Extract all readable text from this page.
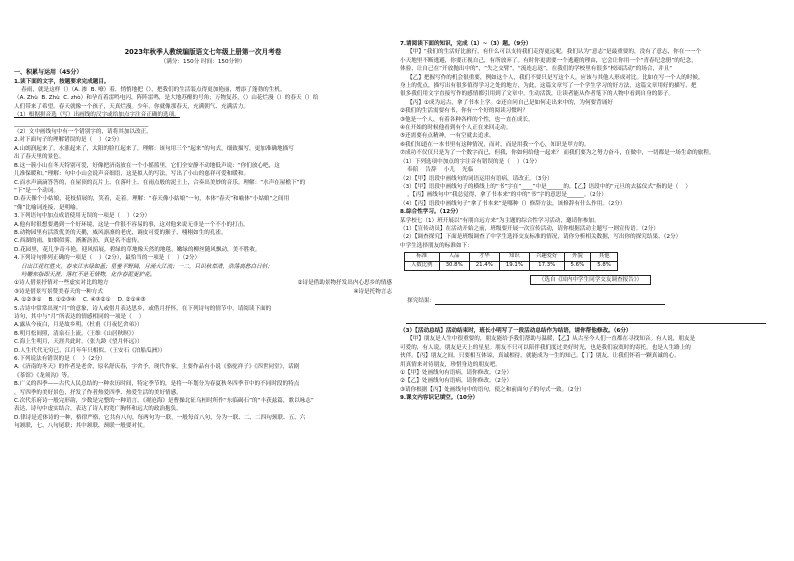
2023年秋季人教统编版语文七年级上册第一次月考卷
（满分：150分 时间：150分钟）
一、积累与运用（45分）
1.读下面的文字，按题要求完成题目。
春雨，就是这样（）（A. 渗  B. 嘹）着，悄悄地把（），把我们的生活装点得更加艳丽，增添了蓬勃的生机。
（A. Zhù  B. Zhù  C. zhò）和孕育着雷鸣电闪，阵阵雷鸣，是大地苏醒的号角；万物复苏，（）山花烂漫（）的春天（）给
人们带来了希望。春天就像一个孩子，天真烂漫。少年，你就像那春天，充满朝气、充满活力。
（1）根据拼音选（写）出画线的汉字或给加点字注音正确的选项。
________________________________________________
（2）文中画线句中有一个错别字的，请将其加以改正。
2.对下面句子的理解错误的是（    ）（2分）
A.山朗润起来了，水涨起来了，太阳的脸红起来了，理解：该句用三个“起来”的句式，细致描写，更加准确地描写
出了春天里的景色。
B.这一簇小山在冬天特别可爱，好像把济南放在一个小摇篮里，它们全安静不动地低声说：“你们放心吧，这
儿准保暖和。”理解：句中小山会说声音细语，这是拟人的写法，写出了小山的慈祥可爱和暖和。
C.而水声滴滴答答的，在屋顶的瓦片上、在落叶上、在雨点般的泥土上，合奏出美妙的音乐。理解：“水声在屋檐下”的
“下”是一个动词。
D.春天像个小姑娘，花枝招展的，笑着，走着。理解：“春天像小姑娘”一句，本体“春天”和喻体“小姑娘”之间用
“像”比喻词连接，是明喻。
3.下列语句中加点成语使用无误的一项是（    ）（2分）
A.他有时很想要遇到一个好环境，这是一件很不容易的事，这对他来说无非是一个不小的打击。
B.动物园里有活泼优美的天鹅，威风凛凛的老虎，调皮可爱的猴子，栩栩如生的孔雀。
C.西湖的雨，如烟似雾，淅淅沥沥，真是名不虚传。
D.花园里，花儿争奇斗艳，迎风招展，碧绿的草地像天然的地毯，嫩绿的柳丝随风飘动，美不胜收。
4.下列诗句排列正确的一项是（    ）（2分），最恰当的一项是（    ）（2分）
日出江花红胜火，春来江水绿如蓝；星垂平野阔，月涌大江流；一二，只识秋草清，浩荡离愁白日斜；
吟鞭东指即天涯，落红不是无情物，化作春泥更护花。
①诗人借景抒情对一些虚实对比的地方	②诗是借助景物抒发出内心思乡的情感
③诗是借景写景赞美春天的一种方式	④诗是托物言志
A. ①②③①    B. ①②③④    C. ④③②①    D. ②①④③
5.古诗中常常出现“月”的意象，诗人或借月表达思乡，或借月抒怀，在下列诗句的情节中，请阅读下面的
诗句，其中与“月”所表达的情感相同的一项是（    ）
A.露从今夜白，月是故乡明。（杜甫《月夜忆舍弟》）
B.明月松间照，清泉石上流。（王维《山居秋暝》）
C.海上生明月，天涯共此时。（张九龄《望月怀远》）
D.人生代代无穷已，江月年年只相似。（王安石《泊船瓜洲》）
6.下列说法有错误的是（    ）（2分）
A.《济南的冬天》的作者是老舍，原名舒庆春，字舍予，现代作家，主要作品有小说《骆驼祥子》《四世同堂》，话剧
《茶馆》《龙须沟》等。
B.广义的四季——古代人民总结的一种农历时间，特定季节的，是将一年划分为春夏秋冬四季节中的不同时段的特点
，写四季的美好景色，抒发了作者热爱四季、热爱生活的美好情感。
C.次代乐府诗一般完形韵，少数是完整的一种语言。《观沧海》是曹操北征乌桓时所作“东临碣石”的“丰获兹篇，歌以咏志”
表达，诗句中虚实结合，表达了诗人的宽广胸怀和远大的政治抱负。
D.律诗是近体诗的一种，格律严格，它共有八句，每两句为一联，一般每首八句，分为一联、二、二四句颈联、五、六
句颔联，七、八句尾联；其中颔联、颈联一般要对仗。
7.请阅读下面的知识，完成（1）~（3）题。（9分）
【甲】“我们的生活好比旅行，有什么可以支持我们走得更远呢，我们认为“意志”是最重要的，没有了意志，你在一一个
小天地里不断逃避，你要正视自己，有所放弃了。有时你更需要一个逃避的理由，它会让你用一个“青春纪念册”的纪念，
体验，让自己在“开放抛出中的”，“失之交臂”，“流连忘返”，在我们的学校里有很多“校园活动”的场合，并且“
【乙】把握写作的机会很重要，例如这个人，我们不要只是写这个人，应该与其他人形成对比。比如在写一个人的时候，
身上的优点，描写出有很多值得学习之处的地方，为此，这篇文章写了一个学生学习的好方法，这篇文章用好的描写，把
很多我们用文字直接写作的感情都引用到了文章中，生动活泼，让读者能从作者笔下的人物中看到自身的影子。
【丙】①成为远古，拿了书本上学。②还自问自己是如何走出来中的，为何要背诵好
②我们的生活需要有书，你有一个好的阅读习惯吗？
③他是一个人，有着各种各样的个性，也一直在成长。
④在开始的时候他看到有个人正在来回走动。
⑤还需要有点精神，一有空就去追求。
⑥我们知道在一本书里有这种情况，而对，而是用我一个心，知识是甲方的。
⑦成功不仅仅只是为了一个数字而已，但我，你如何给他一起来？ 而我们要为之努力奋斗，在做中，一切都是一场生命的旅程。
（1）下列选项中加点的字注音有错误的是（    ）（1分）
奉陪    告辞    小儿    光临
（2）【甲】语段中画线句的词语运用有语病，请改正。（3分）
（3）【甲】语段中画线句子的横线上的“书”字在“____”中是______的，【乙】语段中的“元旦的去猛仪式”指的是（    ）
，【丙】画线句中“我总觉得，拿了书本来”的中的“书”字的意思是______。（2分）
（4）【丙】语段中画线句子“拿了书本来”是哪种（）修辞方法，该修辞有什么作用。（2分）
8.综合性学习。（12分）
某学校七（1）班开展以“有朋自远方来”为主题的综合性学习活动，邀请你参加。
（1）【宣传动员】在活动开始之前，班级要开展一次宣传活动，请你根据活动主题写一则宣传语。（2分）
（2）【调查探究】下面是班级调查了中学生选择交友标准的情况，请你分析相关数据，写出你的探究结果。（2分）
中学生选择朋友的标准如下：
标准	人品	才华	知识	兴趣爱好	外貌	其他
人数比例	30.8%	21.4%	19.1%	17.3%	5.6%	5.8%
（选自《国内中学生同学交友调查报告》）

探究结果：

（3）【活动总结】活动结束时，班长小明写了一段活动总结作为结语，请你帮他修改。（6分）
【甲】朋友是人生中很重要的，朋友能给予我们帮助与温暖，【乙】从古至今人们一直都在寻找知音。有人说，朋友是
可爱的，有人说，朋友是天上的星星。朋友不只可以陪伴我们度过美好时光，也是我们寂寞时的寄托，也是人生路上的
伙伴。【丙】朋友之间，只要相互体谅，真诚相待，就能成为一生的知己。【丁】朋友，让我们怀着一颗真诚的心，
用真情来对待朋友，珍惜身边的朋友吧。
①【甲】处画线句有语病，请你修改。（2分）
②【乙】处画线句有语病，请你修改。（2分）
③请你根据【丙】处画线句中的语句，使之和前面句子的句式一致。（2分）
9.课文内容识记填空。（10分）
